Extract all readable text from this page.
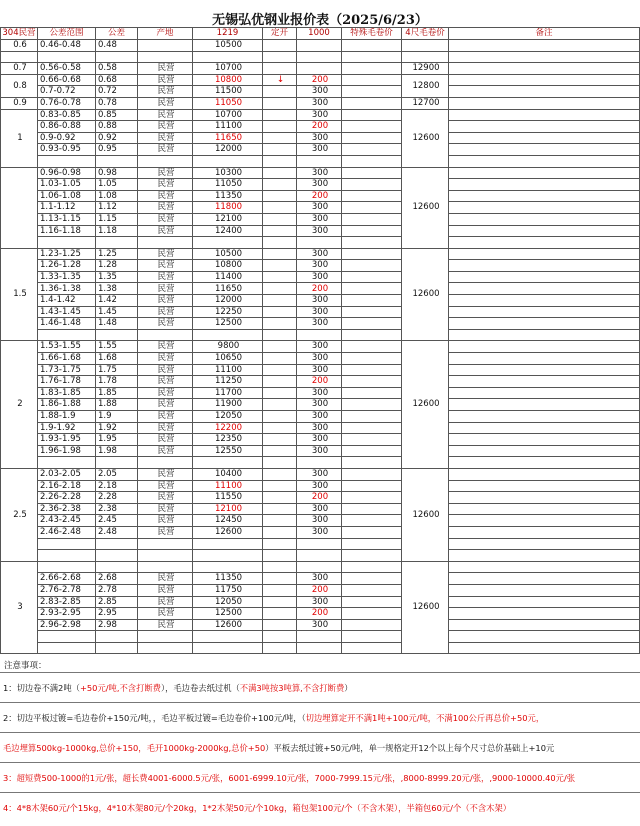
无锡弘优钢业报价表（2025/6/23）
304民营	公差范围	公差	产地	1219	定开	1000	特殊毛卷价	4尺毛卷价	备注
0.6	0.46-0.48	0.48		10500					

0.7	0.56-0.58	0.58	民营	10700				12900	
0.8	0.66-0.68	0.68	民营	10800	↓	200		12800	
	0.7-0.72	0.72	民营	11500		300			
0.9	0.76-0.78	0.78	民营	11050		300		12700	
1	0.83-0.85	0.85	民营	10700		300		12600	
	0.86-0.88	0.88	民营	11100		200			
	0.9-0.92	0.92	民营	11650		300			
	0.93-0.95	0.95	民营	12000		300			

	0.96-0.98	0.98	民营	10300		300		12600	
	1.03-1.05	1.05	民营	11050		300			
	1.06-1.08	1.08	民营	11350		200			
	1.1-1.12	1.12	民营	11800		300			
	1.13-1.15	1.15	民营	12100		300			
	1.16-1.18	1.18	民营	12400		300			

1.5	1.23-1.25	1.25	民营	10500		300		12600	
	1.26-1.28	1.28	民营	10800		300			
	1.33-1.35	1.35	民营	11400		300			
	1.36-1.38	1.38	民营	11650		200			
	1.4-1.42	1.42	民营	12000		300			
	1.43-1.45	1.45	民营	12250		300			
	1.46-1.48	1.48	民营	12500		300			

2	1.53-1.55	1.55	民营	9800		300		12600	
	1.66-1.68	1.68	民营	10650		300			
	1.73-1.75	1.75	民营	11100		300			
	1.76-1.78	1.78	民营	11250		200			
	1.83-1.85	1.85	民营	11700		300			
	1.86-1.88	1.88	民营	11900		300			
	1.88-1.9	1.9	民营	12050		300			
	1.9-1.92	1.92	民营	12200		300			
	1.93-1.95	1.95	民营	12350		300			
	1.96-1.98	1.98	民营	12550		300			

2.5	2.03-2.05	2.05	民营	10400		300		12600	
	2.16-2.18	2.18	民营	11100		300			
	2.26-2.28	2.28	民营	11550		200			
	2.36-2.38	2.38	民营	12100		300			
	2.43-2.45	2.45	民营	12450		300			
	2.46-2.48	2.48	民营	12600		300			

3								12600	
	2.66-2.68	2.68	民营	11350		300			
	2.76-2.78	2.78	民营	11750		200			
	2.83-2.85	2.85	民营	12050		300			
	2.93-2.95	2.95	民营	12500		200			
	2.96-2.98	2.98	民营	12600		300			

注意事项：
1：切边卷不满2吨（+50元/吨,不含打断费），毛边卷去纸过机（不满3吨按3吨算,不含打断费）
2：切边平板过镀=毛边卷价+150元/吨，，毛边平板过镀=毛边卷价+100元/吨，（切边埋算定开不满1吨+100元/吨，不满100公斤再总价+50元，
毛边埋算500kg-1000kg,总价+150，毛开1000kg-2000kg,总价+50）平板去纸过镀+50元/吨，单一规格定开12个以上每个尺寸总价基础上+10元
3：超短费500-1000的1元/张，超长费4001-6000.5元/张，6001-6999.10元/张，7000-7999.15元/张，,8000-8999.20元/张，,9000-10000.40元/张
4：4*8木架60元/个15kg，4*10木架80元/个20kg，1*2木架50元/个10kg，箱包架100元/个（不含木架），半箱包60元/个（不含木架）
